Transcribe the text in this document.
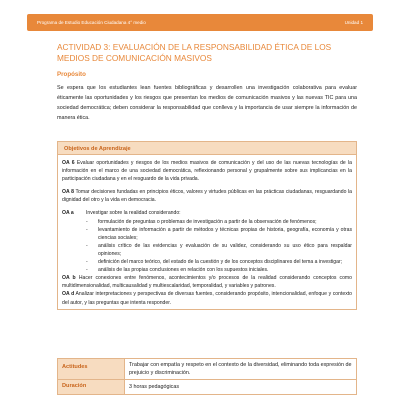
Programa de Estudio Educación Ciudadana 4° medio	Unidad 1
ACTIVIDAD 3: EVALUACIÓN DE LA RESPONSABILIDAD ÉTICA DE LOS MEDIOS DE COMUNICACIÓN MASIVOS
Propósito
Se espera que los estudiantes lean fuentes bibliográficas y desarrollen una investigación colaborativa para evaluar éticamente las oportunidades y los riesgos que presentan los medios de comunicación masivos y las nuevas TIC para una sociedad democrática; deben considerar la responsabilidad que conlleva y la importancia de usar siempre la información de manera ética.
Objetivos de Aprendizaje
OA 6 Evaluar oportunidades y riesgos de los medios masivos de comunicación y del uso de las nuevas tecnologías de la información en el marco de una sociedad democrática, reflexionando personal y grupalmente sobre sus implicancias en la participación ciudadana y en el resguardo de la vida privada.
OA 8 Tomar decisiones fundadas en principios éticos, valores y virtudes públicas en las prácticas ciudadanas, resguardando la dignidad del otro y la vida en democracia.
OA a	Investigar sobre la realidad considerando:
-	formulación de preguntas o problemas de investigación a partir de la observación de fenómenos;
-	levantamiento de información a partir de métodos y técnicas propias de historia, geografía, economía y otras ciencias sociales;
-	análisis crítico de las evidencias y evaluación de su validez, considerando su uso ético para respaldar opiniones;
-	definición del marco teórico, del estado de la cuestión y de los conceptos disciplinares del tema a investigar;
-	análisis de las propias conclusiones en relación con los supuestos iniciales.
OA b Hacer conexiones entre fenómenos, acontecimientos y/o procesos de la realidad considerando conceptos como multidimensionalidad, multicausalidad y multiescalaridad, temporalidad, y variables y patrones.
OA d Analizar interpretaciones y perspectivas de diversas fuentes, considerando propósito, intencionalidad, enfoque y contexto del autor, y las preguntas que intenta responder.
Actitudes	Trabajar con empatía y respeto en el contexto de la diversidad, eliminando toda expresión de prejuicio y discriminación.
Duración	3 horas pedagógicas
